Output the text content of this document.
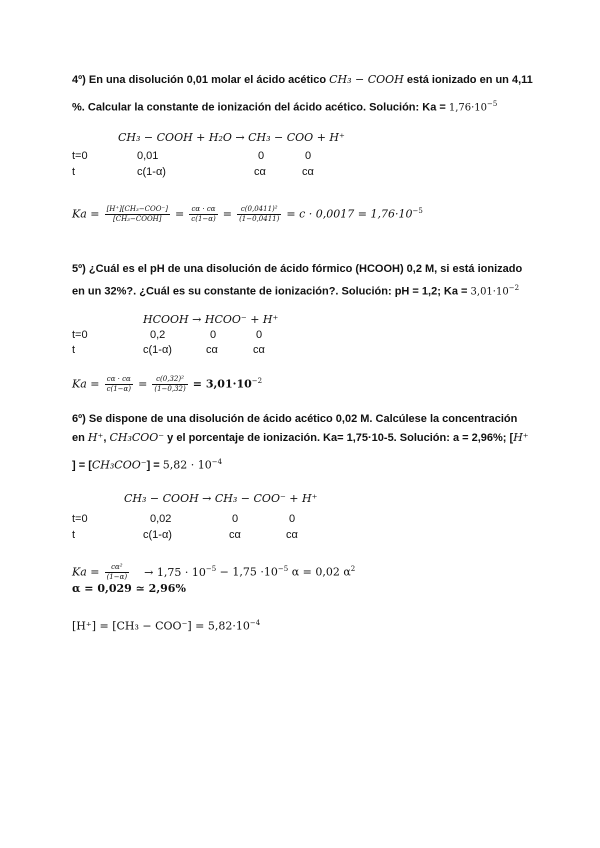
4º) En una disolución 0,01 molar el ácido acético CH₃ − COOH está ionizado en un 4,11
%. Calcular la constante de ionización del ácido acético. Solución: $Ka = 1,76\cdot 10^{-5}$
CH₃ − COOH + H₂O → CH₃ − COO + H⁺
t=0	0,01	0	0
t	c(1-α)	cα	cα
$Ka = \frac{\text{[H⁺][CH₃−COO⁻]}}{\text{[CH₃−COOH]}} = \frac{c\alpha \cdot c\alpha}{c(1-\alpha)} = \frac{\text{c(0,0411)²}}{(1-0,0411)} = c \cdot 0,0017 = 1,76\cdot 10^{-5}$
5º) ¿Cuál es el pH de una disolución de ácido fórmico (HCOOH) 0,2 M, si está ionizado
en un 32%?. ¿Cuál es su constante de ionización?. Solución: pH = 1,2; $Ka = 3,01\cdot 10^{-2}$
HCOOH → HCOO⁻ + H⁺
t=0	0,2	0	0
t	c(1-α)	cα	cα
$Ka = \frac{c\alpha \cdot c\alpha}{c(1-\alpha)} = \frac{\text{c(0,32)²}}{(1-0,32)} = 3,01\cdot 10^{-2}$
6º) Se dispone de una disolución de ácido acético 0,02 M. Calcúlese la concentración
en H⁺, CH₃COO⁻ y el porcentaje de ionización. Ka= 1,75·10-5. Solución: a = 2,96%; [H⁺
] = $[CH_3COO^-] = 5,82 \cdot 10^{-4}$
CH₃ − COOH → CH₃ − COO⁻ + H⁺
t=0	0,02	0	0
t	c(1-α)	cα	cα
$Ka = \frac{\text{cα²}}{(1-\alpha)} \to 1,75 \cdot 10^{-5} - 1,75 \cdot 10^{-5}$ α = 0,02 $\alpha^2$
α = 0,029 ≃ 2,96%
$[H^+] = [CH_3 - COO^-] = 5,82\cdot 10^{-4}$
